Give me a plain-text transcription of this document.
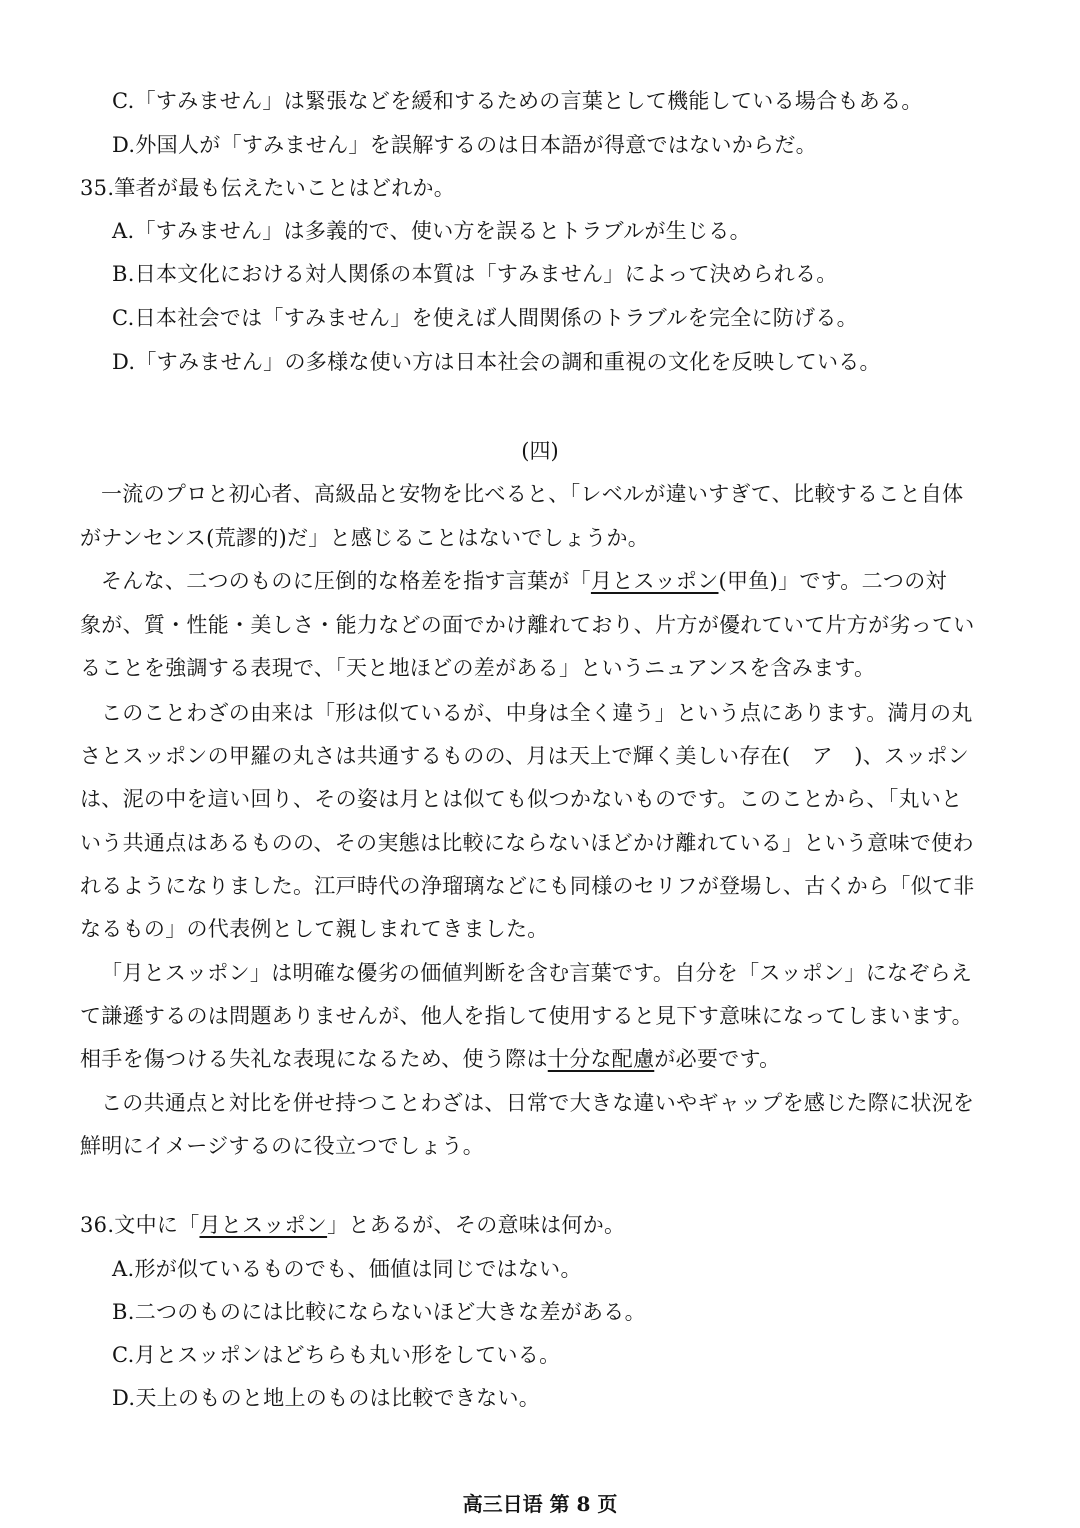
C.「すみません」は緊張などを緩和するための言葉として機能している場合もある。
D.外国人が「すみません」を誤解するのは日本語が得意ではないからだ。
35.筆者が最も伝えたいことはどれか。
A.「すみません」は多義的で、使い方を誤るとトラブルが生じる。
B.日本文化における対人関係の本質は「すみません」によって決められる。
C.日本社会では「すみません」を使えば人間関係のトラブルを完全に防げる。
D.「すみません」の多様な使い方は日本社会の調和重視の文化を反映している。
(四)
一流のプロと初心者、高級品と安物を比べると、「レベルが違いすぎて、比較すること自体
がナンセンス(荒謬的)だ」と感じることはないでしょうか。
そんな、二つのものに圧倒的な格差を指す言葉が「月とスッポン(甲鱼)」です。二つの対
象が、質・性能・美しさ・能力などの面でかけ離れており、片方が優れていて片方が劣ってい
ることを強調する表現で、「天と地ほどの差がある」というニュアンスを含みます。
このことわざの由来は「形は似ているが、中身は全く違う」という点にあります。満月の丸
さとスッポンの甲羅の丸さは共通するものの、月は天上で輝く美しい存在(　ア　)、スッポン
は、泥の中を這い回り、その姿は月とは似ても似つかないものです。このことから、「丸いと
いう共通点はあるものの、その実態は比較にならないほどかけ離れている」という意味で使わ
れるようになりました。江戸時代の浄瑠璃などにも同様のセリフが登場し、古くから「似て非
なるもの」の代表例として親しまれてきました。
「月とスッポン」は明確な優劣の価値判断を含む言葉です。自分を「スッポン」になぞらえ
て謙遜するのは問題ありませんが、他人を指して使用すると見下す意味になってしまいます。
相手を傷つける失礼な表現になるため、使う際は十分な配慮が必要です。
この共通点と対比を併せ持つことわざは、日常で大きな違いやギャップを感じた際に状況を
鮮明にイメージするのに役立つでしょう。
36.文中に「月とスッポン」とあるが、その意味は何か。
A.形が似ているものでも、価値は同じではない。
B.二つのものには比較にならないほど大きな差がある。
C.月とスッポンはどちらも丸い形をしている。
D.天上のものと地上のものは比較できない。
高三日语 第 8 页
